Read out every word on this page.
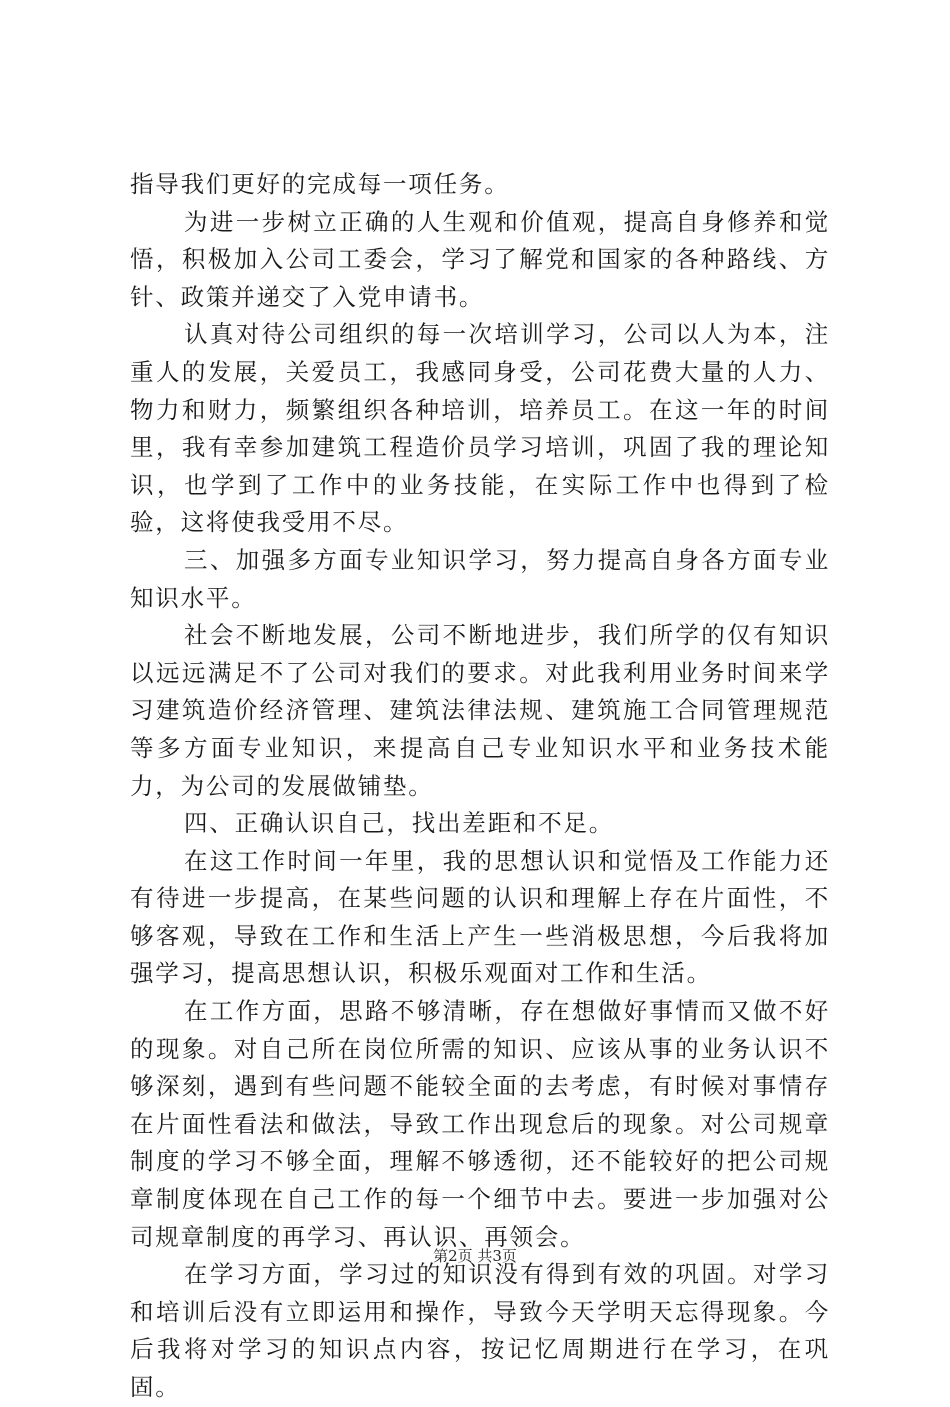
指导我们更好的完成每一项任务。

为进一步树立正确的人生观和价值观，提高自身修养和觉悟，积极加入公司工委会，学习了解党和国家的各种路线、方针、政策并递交了入党申请书。

认真对待公司组织的每一次培训学习，公司以人为本，注重人的发展，关爱员工，我感同身受，公司花费大量的人力、物力和财力，频繁组织各种培训，培养员工。在这一年的时间里，我有幸参加建筑工程造价员学习培训，巩固了我的理论知识，也学到了工作中的业务技能，在实际工作中也得到了检验，这将使我受用不尽。

三、加强多方面专业知识学习，努力提高自身各方面专业知识水平。

社会不断地发展，公司不断地进步，我们所学的仅有知识以远远满足不了公司对我们的要求。对此我利用业务时间来学习建筑造价经济管理、建筑法律法规、建筑施工合同管理规范等多方面专业知识，来提高自己专业知识水平和业务技术能力，为公司的发展做铺垫。

四、正确认识自己，找出差距和不足。

在这工作时间一年里，我的思想认识和觉悟及工作能力还有待进一步提高，在某些问题的认识和理解上存在片面性，不够客观，导致在工作和生活上产生一些消极思想，今后我将加强学习，提高思想认识，积极乐观面对工作和生活。

在工作方面，思路不够清晰，存在想做好事情而又做不好的现象。对自己所在岗位所需的知识、应该从事的业务认识不够深刻，遇到有些问题不能较全面的去考虑，有时候对事情存在片面性看法和做法，导致工作出现怠后的现象。对公司规章制度的学习不够全面，理解不够透彻，还不能较好的把公司规章制度体现在自己工作的每一个细节中去。要进一步加强对公司规章制度的再学习、再认识、再领会。

在学习方面，学习过的知识没有得到有效的巩固。对学习和培训后没有立即运用和操作，导致今天学明天忘得现象。今后我将对学习的知识点内容，按记忆周期进行在学习，在巩固。

第2页 共3页
